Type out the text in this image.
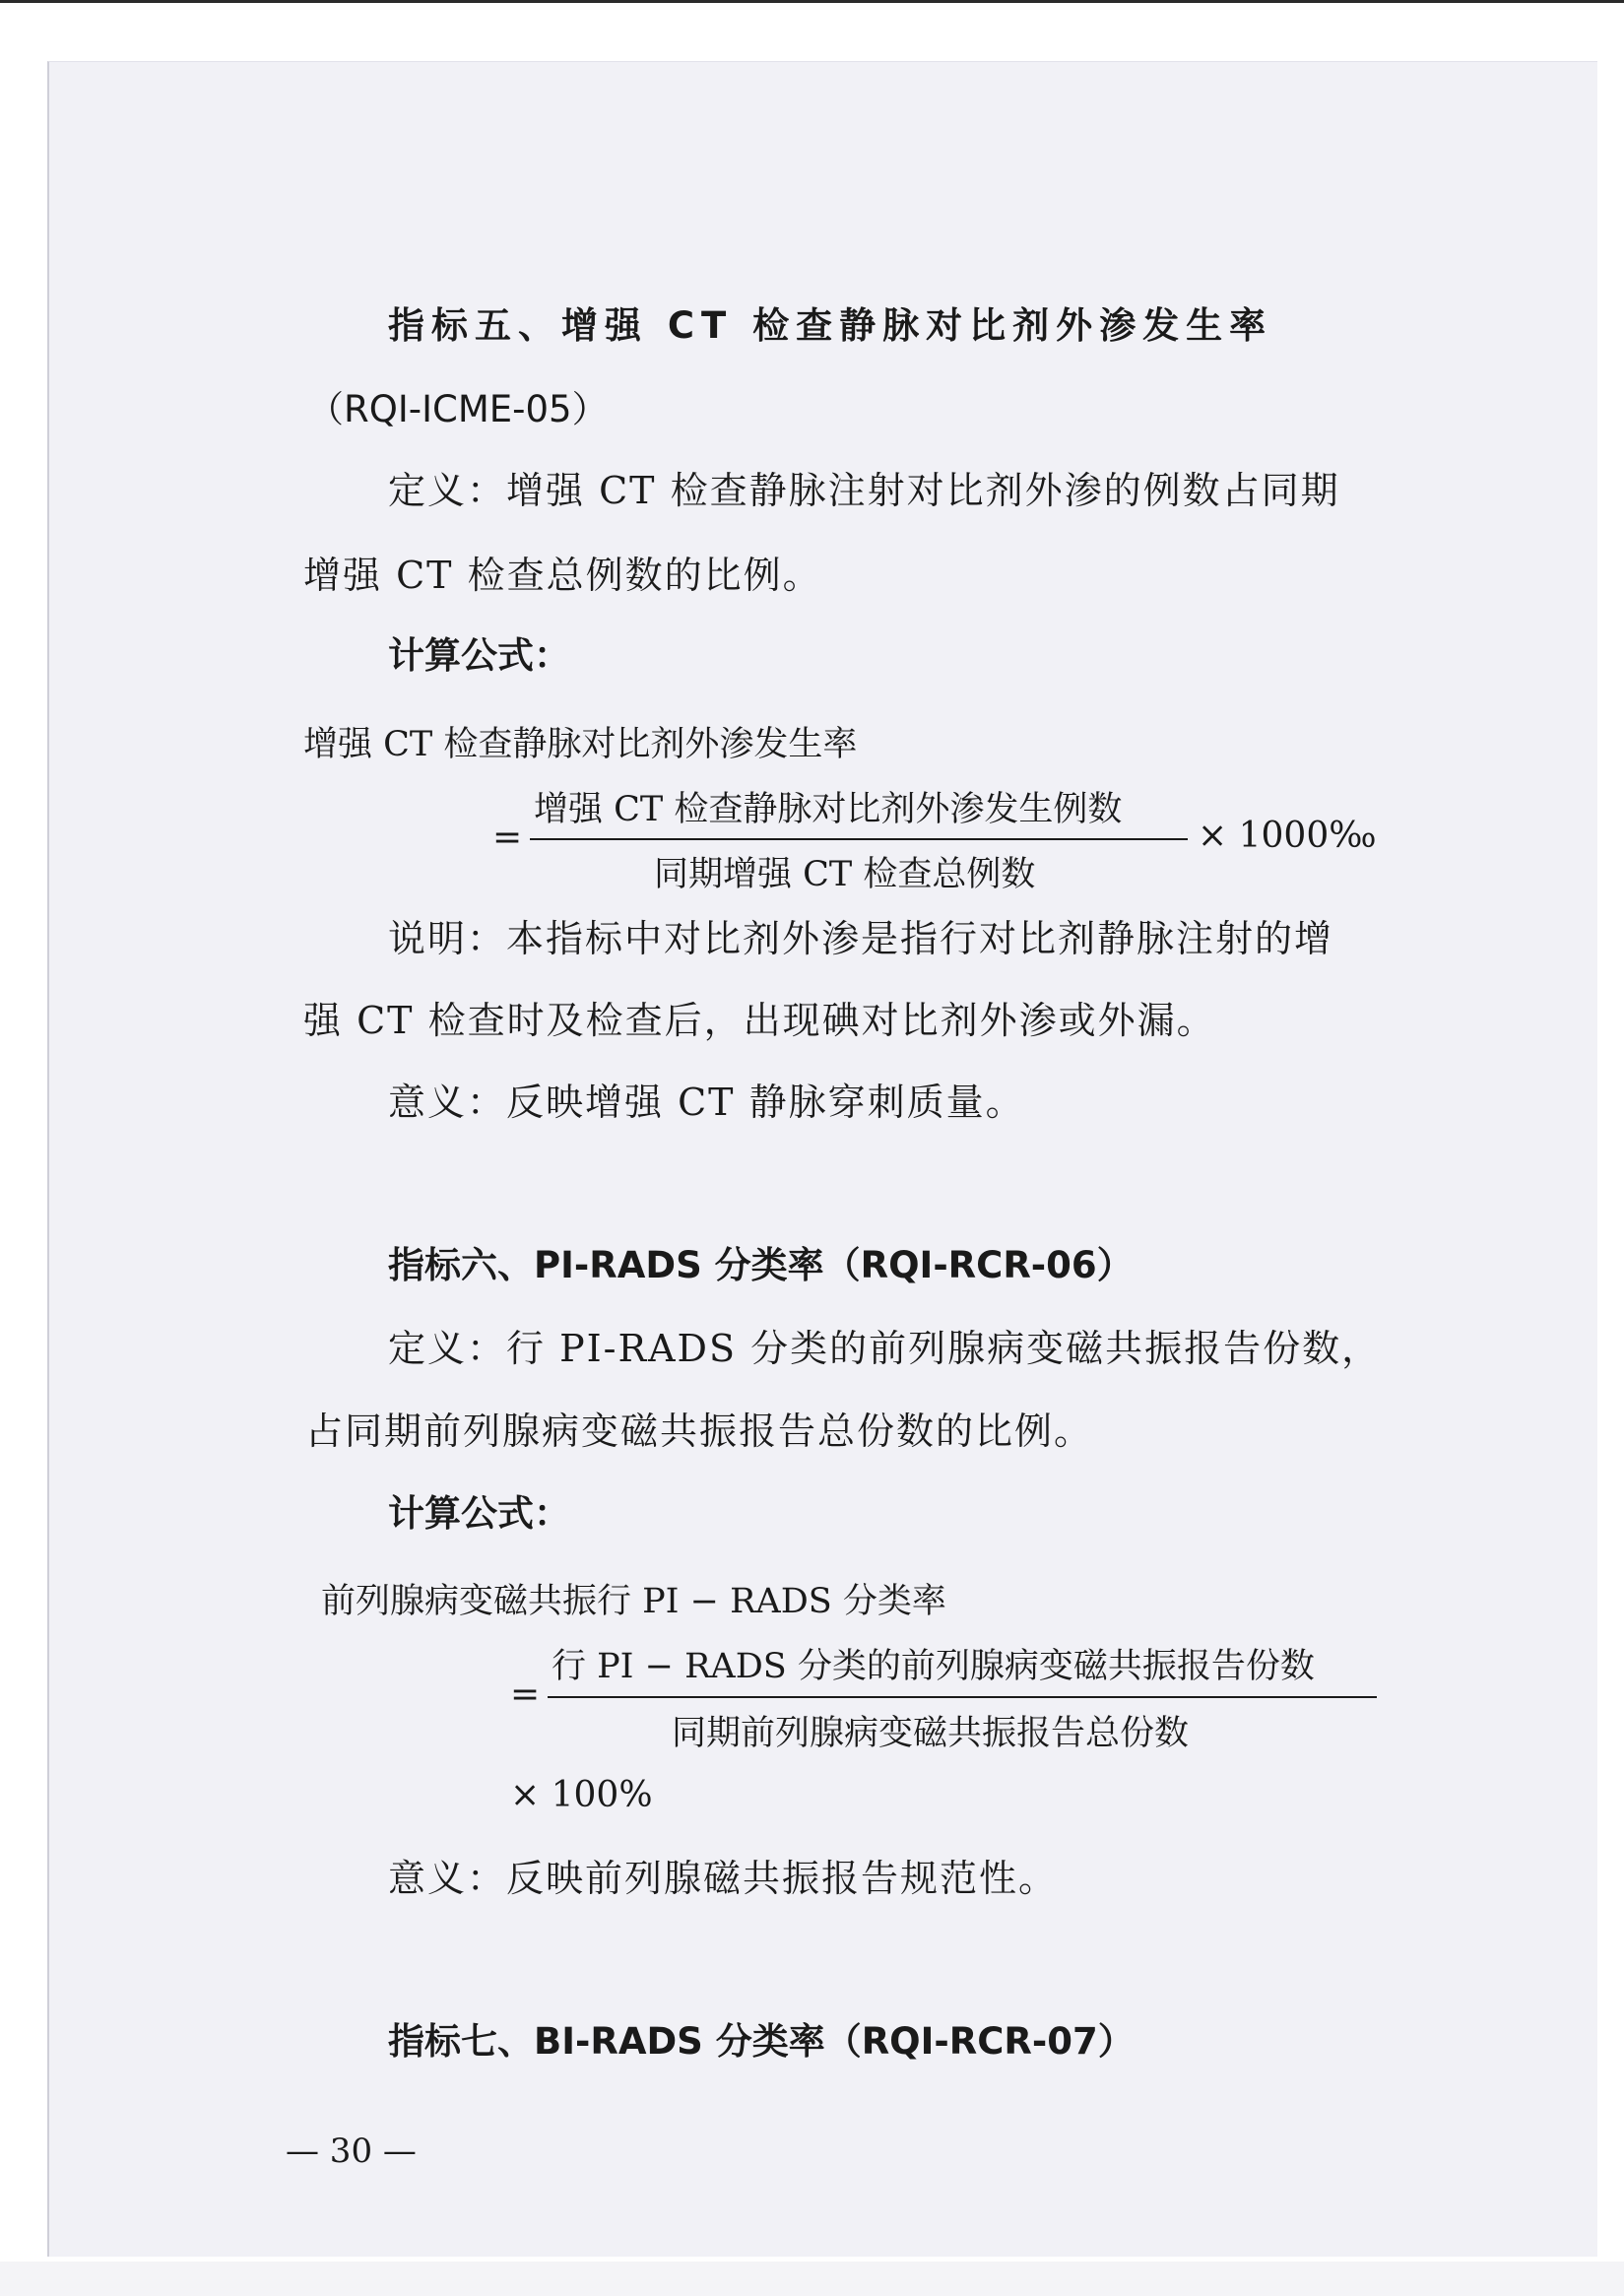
指标五、增强 CT 检查静脉对比剂外渗发生率

（RQI-ICME-05）

定义：增强 CT 检查静脉注射对比剂外渗的例数占同期

增强 CT 检查总例数的比例。

计算公式：

增强 CT 检查静脉对比剂外渗发生率
=
增强 CT 检查静脉对比剂外渗发生例数
同期增强 CT 检查总例数
× 1000‰

说明：本指标中对比剂外渗是指行对比剂静脉注射的增

强 CT 检查时及检查后，出现碘对比剂外渗或外漏。

意义：反映增强 CT 静脉穿刺质量。

指标六、PI-RADS 分类率（RQI-RCR-06）

定义：行 PI-RADS 分类的前列腺病变磁共振报告份数，

占同期前列腺病变磁共振报告总份数的比例。

计算公式：

前列腺病变磁共振行 PI − RADS 分类率
=
行 PI − RADS 分类的前列腺病变磁共振报告份数
同期前列腺病变磁共振报告总份数
× 100%

意义：反映前列腺磁共振报告规范性。

指标七、BI-RADS 分类率（RQI-RCR-07）

— 30 —
